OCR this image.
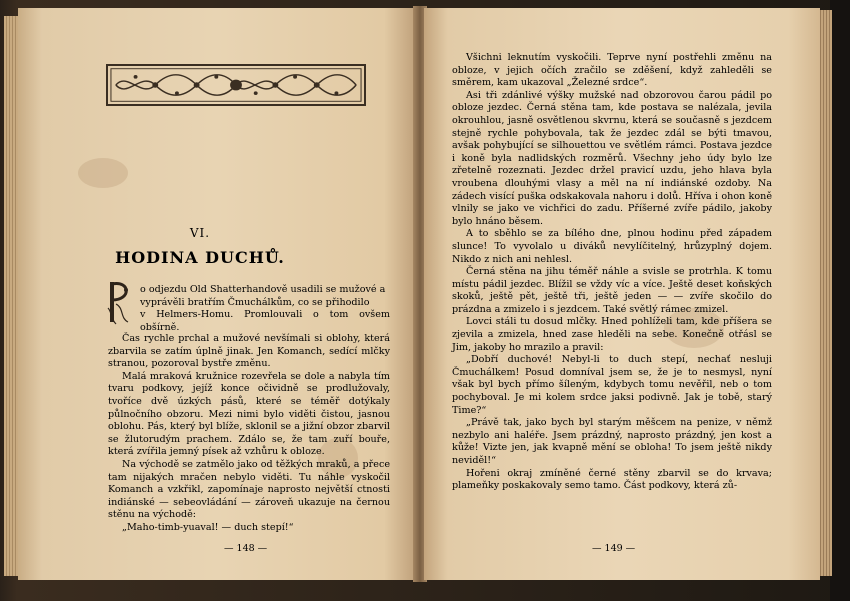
VI.
HODINA DUCHŮ.

o odjezdu Old Shatterhandově usadili se mužové a

vyprávěli bratřím Čmuchálkům, co se přihodilo

v Helmers-Homu. Promlouvali o tom ovšem obšírně.

Čas rychle prchal a mužové nevšímali si oblohy, která zbarvila se zatím úplně jinak. Jen Komanch, sedící mlčky stranou, pozoroval bystře změnu.

Malá mraková kružnice rozevřela se dole a nabyla tím tvaru podkovy, jejíž konce očividně se prodlužovaly, tvoříce dvě úzkých pásů, které se téměř dotýkaly půlnočního obzoru. Mezi nimi bylo viděti čistou, jasnou oblohu. Pás, který byl blíže, sklonil se a jižní obzor zbarvil se žlutorudým prachem. Zdálo se, že tam zuří bouře, která zvířila jemný písek až vzhůru k obloze.

Na východě se zatmělo jako od těžkých mraků, a přece tam nijakých mračen nebylo viděti. Tu náhle vyskočil Komanch a vzkřikl, zapomínaje naprosto největší ctnosti indiánské — sebeovládání — zároveň ukazuje na černou stěnu na východě:

„Maho-timb-yuaval! — duch stepí!“

— 148 —

Všichni leknutím vyskočili. Teprve nyní postřehli změnu na obloze, v jejich očích zračilo se zděšení, když zahleděli se směrem, kam ukazoval „Železné srdce“.

Asi tři zdánlivé výšky mužské nad obzorovou čarou pádil po obloze jezdec. Černá stěna tam, kde postava se nalézala, jevila okrouhlou, jasně osvětlenou skvrnu, která se současně s jezdcem stejně rychle pohybovala, tak že jezdec zdál se býti tmavou, avšak pohybující se silhouettou ve světlém rámci. Postava jezdce i koně byla nadlidských rozměrů. Všechny jeho údy bylo lze zřetelně rozeznati. Jezdec držel pravicí uzdu, jeho hlava byla vroubena dlouhými vlasy a měl na ní indiánské ozdoby. Na zádech visící puška odskakovala nahoru i dolů. Hříva i ohon koně vlnily se jako ve vichřici do zadu. Příšerné zvíře pádilo, jakoby bylo hnáno běsem.

A to sběhlo se za bílého dne, plnou hodinu před západem slunce! To vyvolalo u diváků nevylíčitelný, hrůzyplný dojem. Nikdo z nich ani nehlesl.

Černá stěna na jihu téměř náhle a svisle se protrhla. K tomu místu pádil jezdec. Blížil se vždy víc a více. Ještě deset koňských skoků, ještě pět, ještě tři, ještě jeden — — zvíře skočilo do prázdna a zmizelo i s jezdcem. Také světlý rámec zmizel.

Lovci stáli tu dosud mlčky. Hned pohlíželi tam, kde příšera se zjevila a zmizela, hned zase hleděli na sebe. Konečně otřásl se Jim, jakoby ho mrazilo a pravil:

„Dobří duchové! Nebyl-li to duch stepí, nechať nesluji Čmuchálkem! Posud domníval jsem se, že je to nesmysl, nyní však byl bych přímo šíleným, kdybych tomu nevěřil, neb o tom pochyboval. Je mi kolem srdce jaksi podivně. Jak je tobě, starý Time?“

„Právě tak, jako bych byl starým měšcem na penize, v němž nezbylo ani haléře. Jsem prázdný, naprosto prázdný, jen kost a kůže! Vizte jen, jak kvapně mění se obloha! To jsem ještě nikdy neviděl!“

Hořeni okraj zmíněné černé stěny zbarvil se do krvava; plameňky poskakovaly semo tamo. Část podkovy, která zů-

— 149 —
